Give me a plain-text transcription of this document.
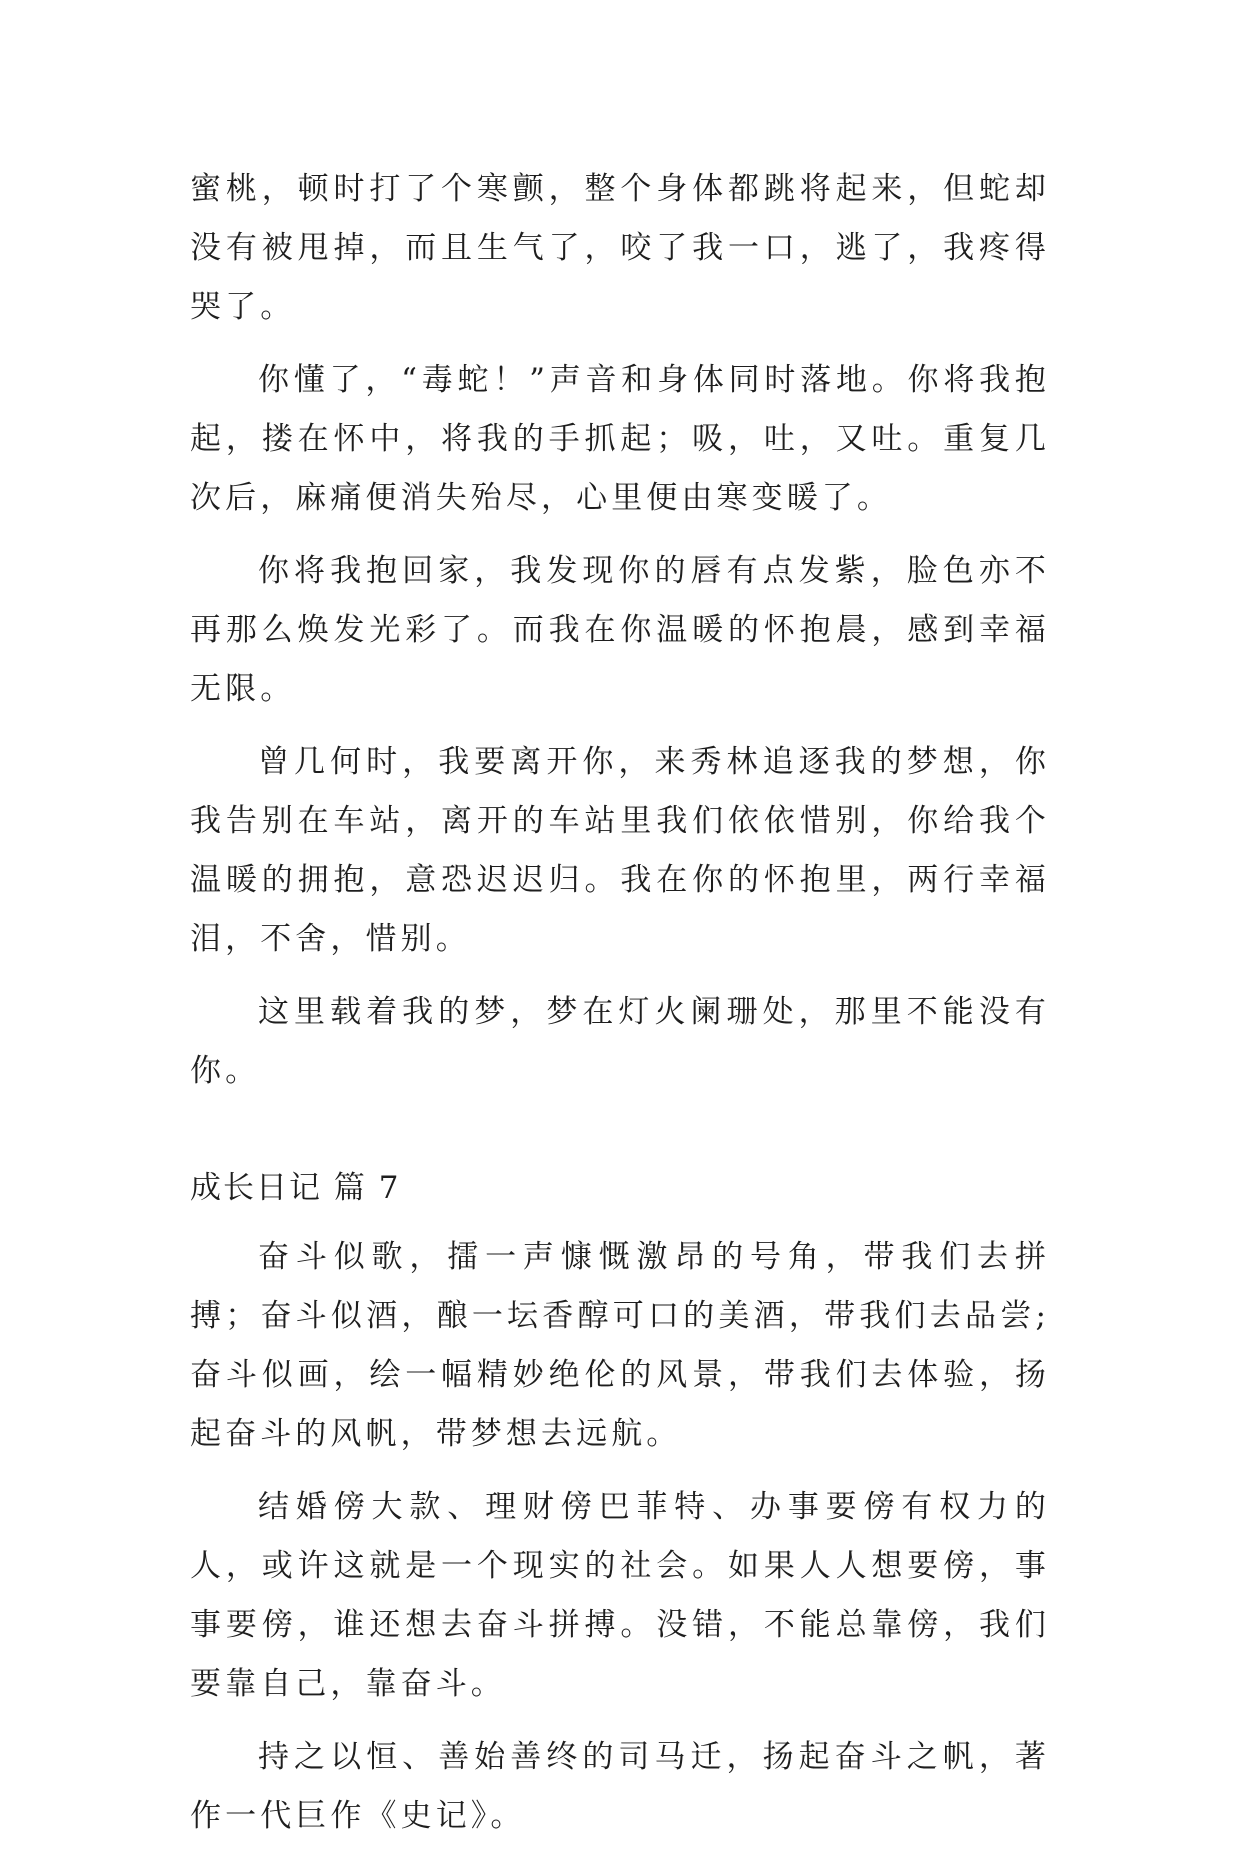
蜜桃，顿时打了个寒颤，整个身体都跳将起来，但蛇却没有被甩掉，而且生气了，咬了我一口，逃了，我疼得哭了。

你懂了，“毒蛇！”声音和身体同时落地。你将我抱起，搂在怀中，将我的手抓起；吸，吐，又吐。重复几次后，麻痛便消失殆尽，心里便由寒变暖了。

你将我抱回家，我发现你的唇有点发紫，脸色亦不再那么焕发光彩了。而我在你温暖的怀抱晨，感到幸福无限。

曾几何时，我要离开你，来秀林追逐我的梦想，你我告别在车站，离开的车站里我们依依惜别，你给我个温暖的拥抱，意恐迟迟归。我在你的怀抱里，两行幸福泪，不舍，惜别。

这里载着我的梦，梦在灯火阑珊处，那里不能没有你。

成长日记 篇 7

奋斗似歌，擂一声慷慨激昂的号角，带我们去拼搏；奋斗似酒，酿一坛香醇可口的美酒，带我们去品尝; 奋斗似画，绘一幅精妙绝伦的风景，带我们去体验，扬起奋斗的风帆，带梦想去远航。

结婚傍大款、理财傍巴菲特、办事要傍有权力的人，或许这就是一个现实的社会。如果人人想要傍，事事要傍，谁还想去奋斗拼搏。没错，不能总靠傍，我们要靠自己，靠奋斗。

持之以恒、善始善终的司马迁，扬起奋斗之帆，著作一代巨作《史记》。
